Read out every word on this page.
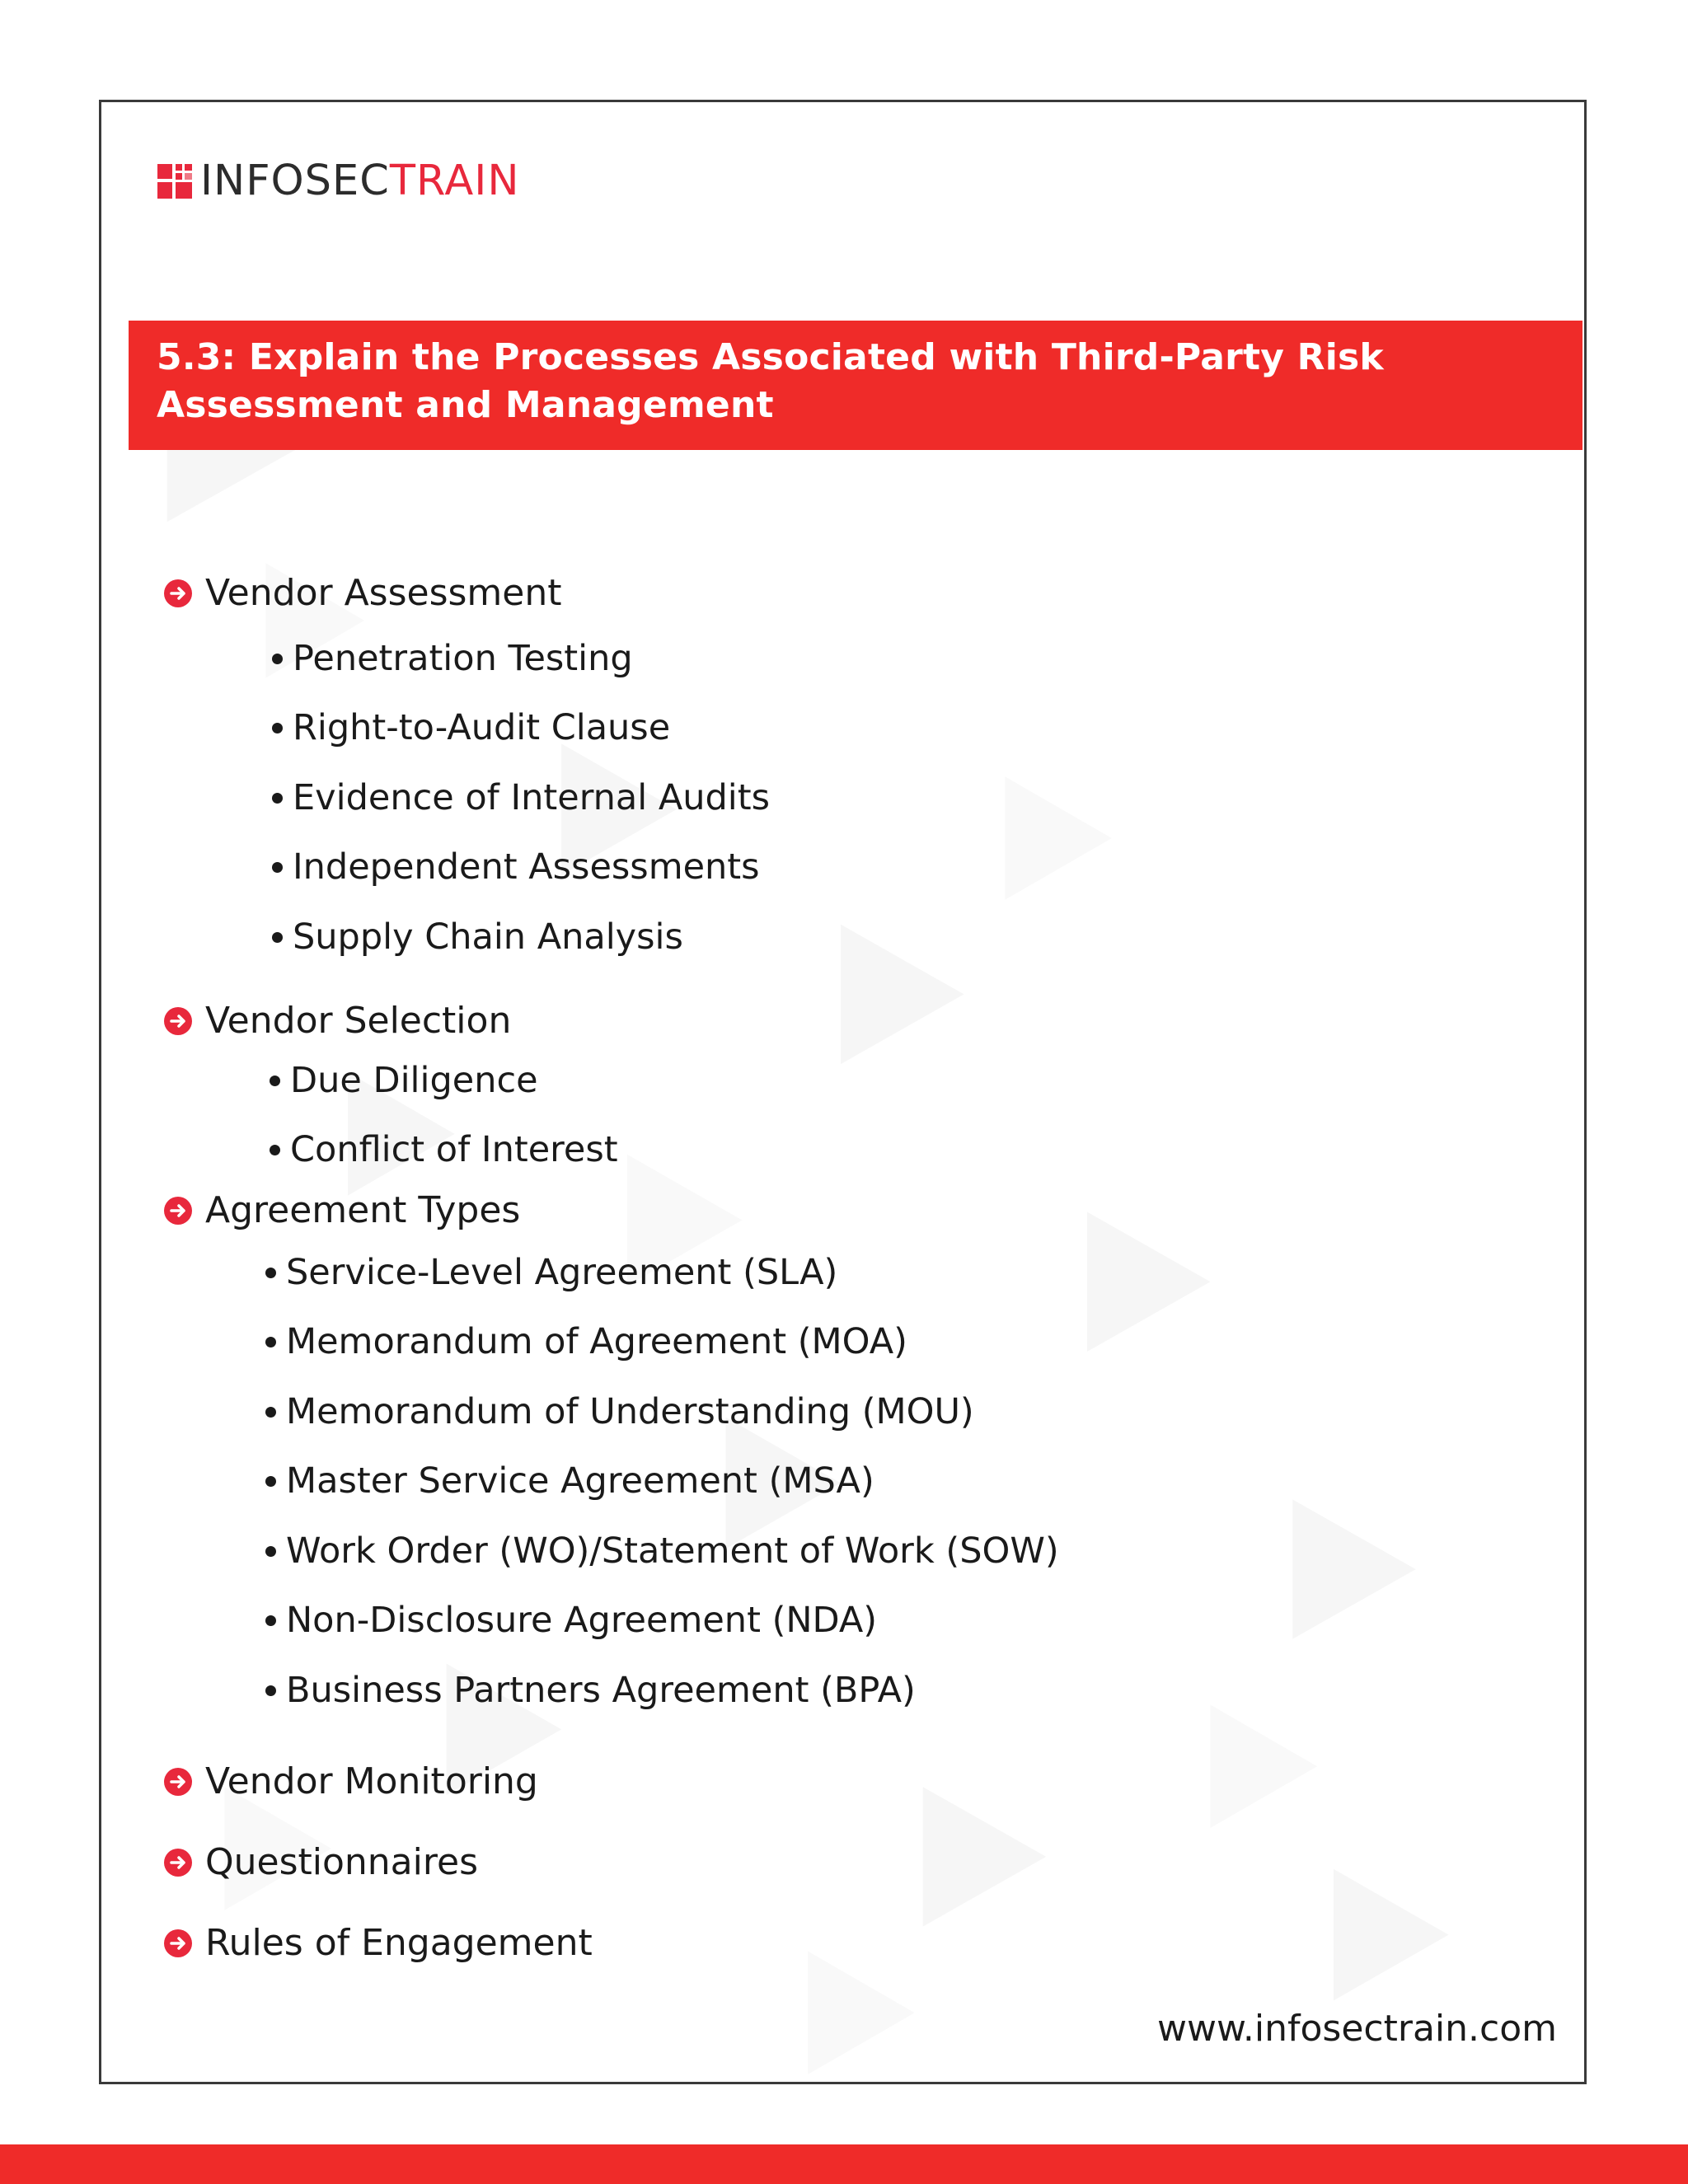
INFOSECTRAIN

5.3: Explain the Processes Associated with Third-Party Risk Assessment and Management

Vendor Assessment
Penetration Testing
Right-to-Audit Clause
Evidence of Internal Audits
Independent Assessments
Supply Chain Analysis
Vendor Selection
Due Diligence
Conflict of Interest
Agreement Types
Service-Level Agreement (SLA)
Memorandum of Agreement (MOA)
Memorandum of Understanding (MOU)
Master Service Agreement (MSA)
Work Order (WO)/Statement of Work (SOW)
Non-Disclosure Agreement (NDA)
Business Partners Agreement (BPA)
Vendor Monitoring
Questionnaires
Rules of Engagement
www.infosectrain.com
